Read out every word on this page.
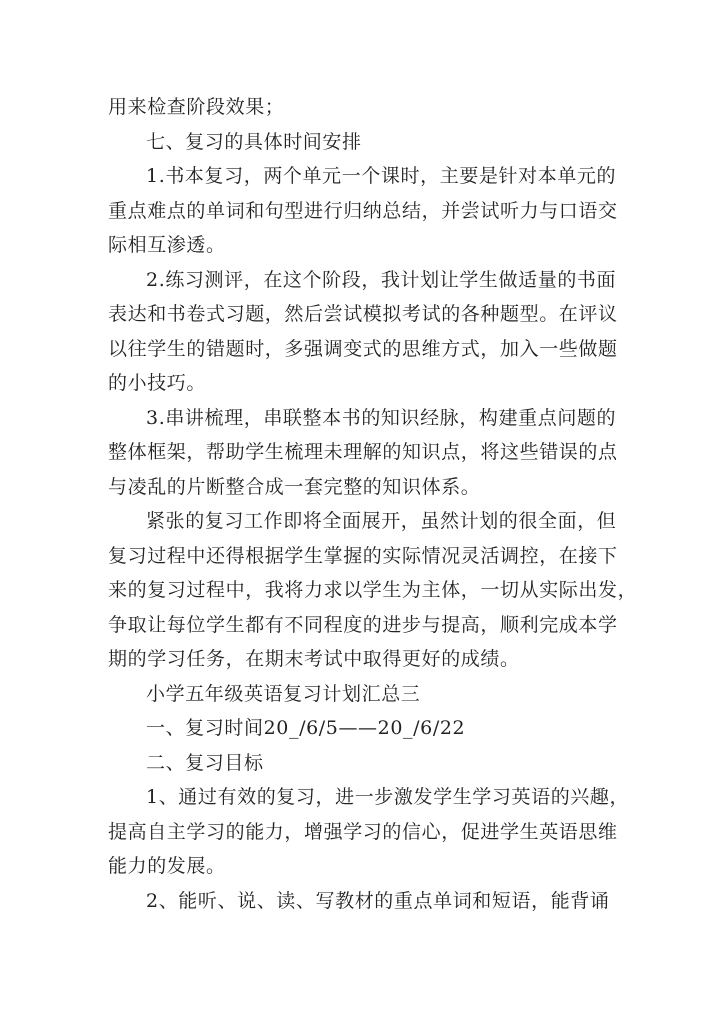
用来检查阶段效果；
七、复习的具体时间安排
1.书本复习，两个单元一个课时，主要是针对本单元的
重点难点的单词和句型进行归纳总结，并尝试听力与口语交
际相互渗透。
2.练习测评，在这个阶段，我计划让学生做适量的书面
表达和书卷式习题，然后尝试模拟考试的各种题型。在评议
以往学生的错题时，多强调变式的思维方式，加入一些做题
的小技巧。
3.串讲梳理，串联整本书的知识经脉，构建重点问题的
整体框架，帮助学生梳理未理解的知识点，将这些错误的点
与凌乱的片断整合成一套完整的知识体系。
紧张的复习工作即将全面展开，虽然计划的很全面，但
复习过程中还得根据学生掌握的实际情况灵活调控，在接下
来的复习过程中，我将力求以学生为主体，一切从实际出发，
争取让每位学生都有不同程度的进步与提高，顺利完成本学
期的学习任务，在期末考试中取得更好的成绩。
小学五年级英语复习计划汇总三
一、复习时间20_/6/5——20_/6/22
二、复习目标
1、通过有效的复习，进一步激发学生学习英语的兴趣，
提高自主学习的能力，增强学习的信心，促进学生英语思维
能力的发展。
2、能听、说、读、写教材的重点单词和短语，能背诵
